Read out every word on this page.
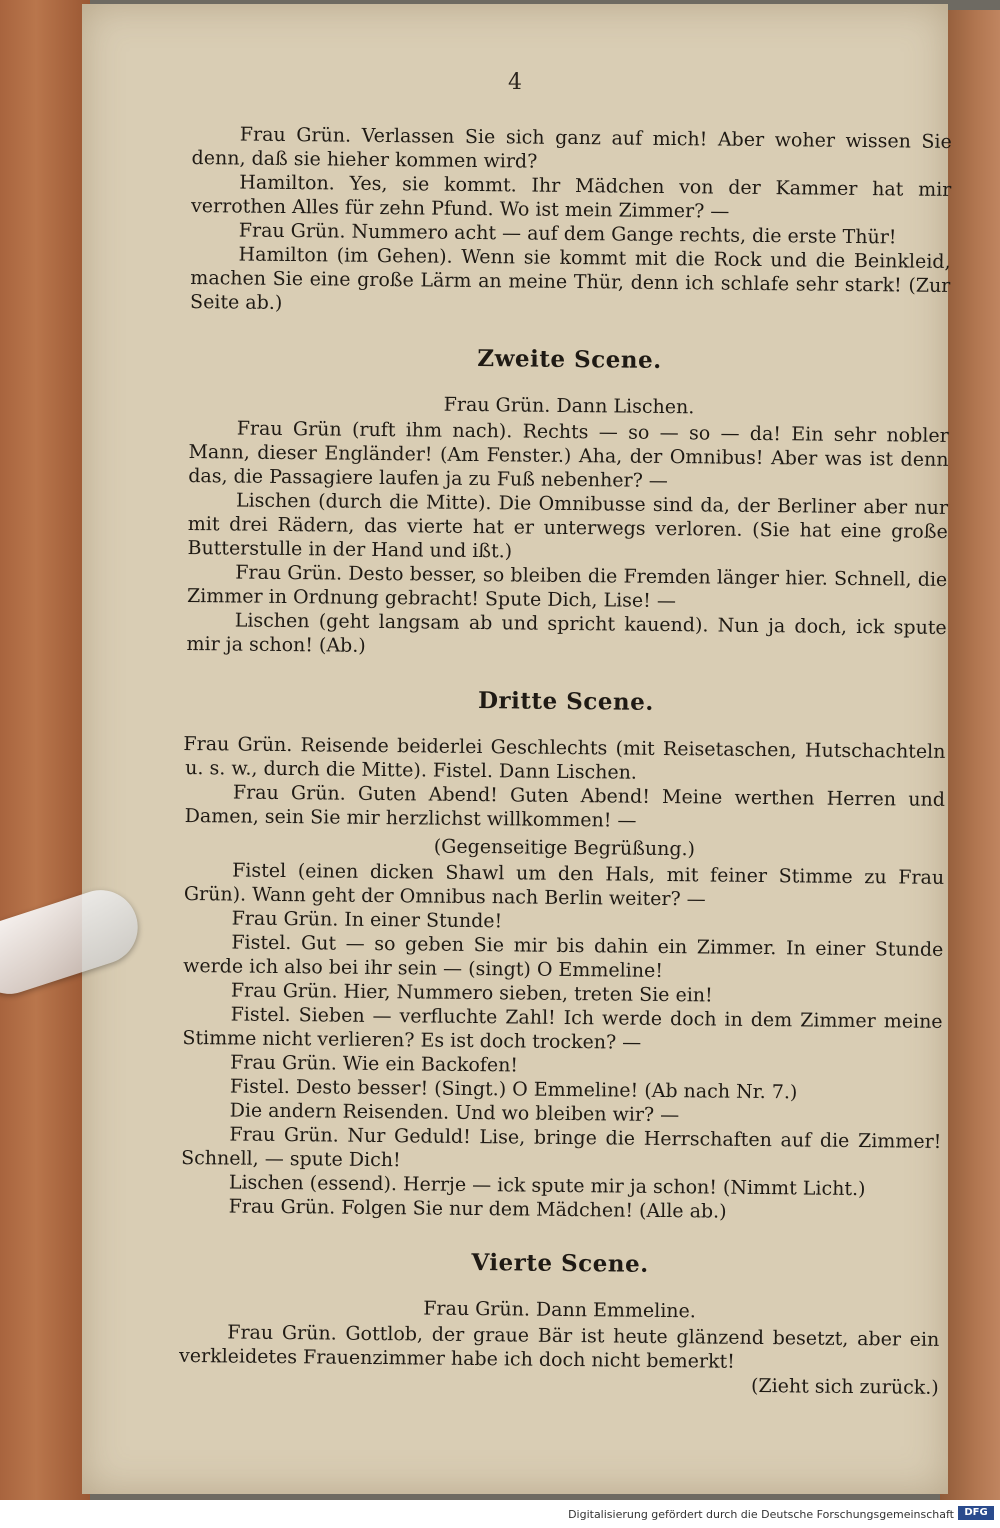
4

Frau Grün. Verlassen Sie sich ganz auf mich! Aber woher wissen Sie denn, daß sie hieher kommen wird?

Hamilton. Yes, sie kommt. Ihr Mädchen von der Kammer hat mir verrothen Alles für zehn Pfund. Wo ist mein Zimmer? —

Frau Grün. Nummero acht — auf dem Gange rechts, die erste Thür!

Hamilton (im Gehen). Wenn sie kommt mit die Rock und die Beinkleid, machen Sie eine große Lärm an meine Thür, denn ich schlafe sehr stark! (Zur Seite ab.)

Zweite Scene.
Frau Grün. Dann Lischen.

Frau Grün (ruft ihm nach). Rechts — so — so — da! Ein sehr nobler Mann, dieser Engländer! (Am Fenster.) Aha, der Omnibus! Aber was ist denn das, die Passagiere laufen ja zu Fuß nebenher? —

Lischen (durch die Mitte). Die Omnibusse sind da, der Berliner aber nur mit drei Rädern, das vierte hat er unterwegs verloren. (Sie hat eine große Butterstulle in der Hand und ißt.)

Frau Grün. Desto besser, so bleiben die Fremden länger hier. Schnell, die Zimmer in Ordnung gebracht! Spute Dich, Lise! —

Lischen (geht langsam ab und spricht kauend). Nun ja doch, ick spute mir ja schon! (Ab.)

Dritte Scene.

Frau Grün. Reisende beiderlei Geschlechts (mit Reisetaschen, Hutschachteln u. s. w., durch die Mitte). Fistel. Dann Lischen.

Frau Grün. Guten Abend! Guten Abend! Meine werthen Herren und Damen, sein Sie mir herzlichst willkommen! —

(Gegenseitige Begrüßung.)

Fistel (einen dicken Shawl um den Hals, mit feiner Stimme zu Frau Grün). Wann geht der Omnibus nach Berlin weiter? —

Frau Grün. In einer Stunde!

Fistel. Gut — so geben Sie mir bis dahin ein Zimmer. In einer Stunde werde ich also bei ihr sein — (singt) O Emmeline!

Frau Grün. Hier, Nummero sieben, treten Sie ein!

Fistel. Sieben — verfluchte Zahl! Ich werde doch in dem Zimmer meine Stimme nicht verlieren? Es ist doch trocken? —

Frau Grün. Wie ein Backofen!

Fistel. Desto besser! (Singt.) O Emmeline! (Ab nach Nr. 7.)

Die andern Reisenden. Und wo bleiben wir? —

Frau Grün. Nur Geduld! Lise, bringe die Herrschaften auf die Zimmer! Schnell, — spute Dich!

Lischen (essend). Herrje — ick spute mir ja schon! (Nimmt Licht.)

Frau Grün. Folgen Sie nur dem Mädchen! (Alle ab.)

Vierte Scene.
Frau Grün. Dann Emmeline.

Frau Grün. Gottlob, der graue Bär ist heute glänzend besetzt, aber ein verkleidetes Frauenzimmer habe ich doch nicht bemerkt!

(Zieht sich zurück.)

Digitalisierung gefördert durch die Deutsche Forschungsgemeinschaft	DFG
